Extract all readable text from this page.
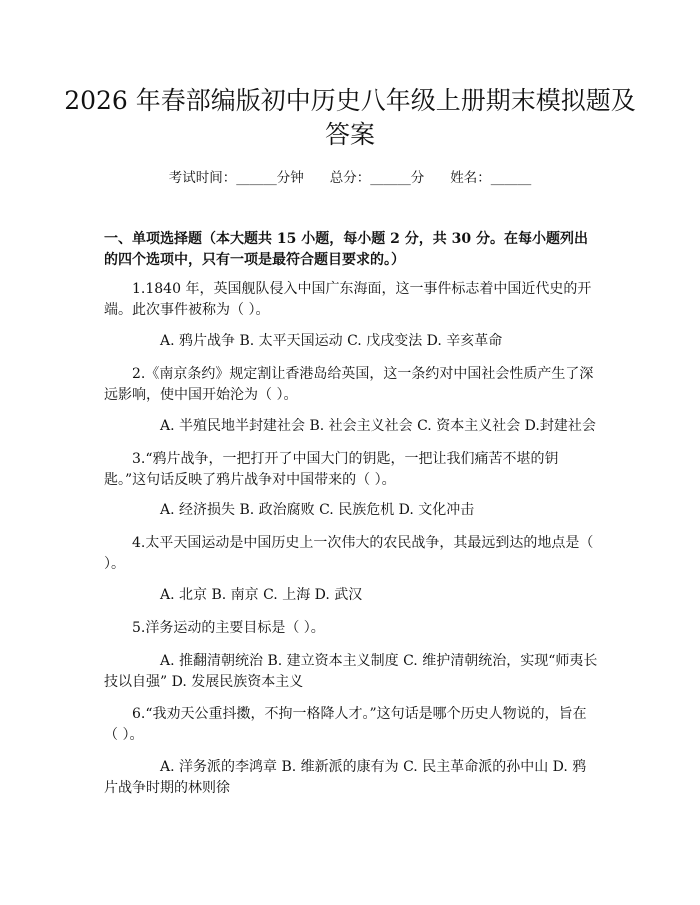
2026 年春部编版初中历史八年级上册期末模拟题及答案
考试时间：______分钟 总分：______分 姓名：______

一、单项选择题（本大题共 15 小题，每小题 2 分，共 30 分。在每小题列出的四个选项中，只有一项是最符合题目要求的。）

1.1840 年，英国舰队侵入中国广东海面，这一事件标志着中国近代史的开端。此次事件被称为（ ）。

A. 鸦片战争 B. 太平天国运动 C. 戊戌变法 D. 辛亥革命

2.《南京条约》规定割让香港岛给英国，这一条约对中国社会性质产生了深远影响，使中国开始沦为（ ）。

A. 半殖民地半封建社会 B. 社会主义社会 C. 资本主义社会 D.封建社会

3.“鸦片战争，一把打开了中国大门的钥匙，一把让我们痛苦不堪的钥匙。”这句话反映了鸦片战争对中国带来的（ ）。

A. 经济损失 B. 政治腐败 C. 民族危机 D. 文化冲击

4.太平天国运动是中国历史上一次伟大的农民战争，其最远到达的地点是（ ）。

A. 北京 B. 南京 C. 上海 D. 武汉

5.洋务运动的主要目标是（ ）。

A. 推翻清朝统治 B. 建立资本主义制度 C. 维护清朝统治，实现“师夷长技以自强” D. 发展民族资本主义

6.“我劝天公重抖擞，不拘一格降人才。”这句话是哪个历史人物说的，旨在（ ）。

A. 洋务派的李鸿章 B. 维新派的康有为 C. 民主革命派的孙中山 D. 鸦片战争时期的林则徐
